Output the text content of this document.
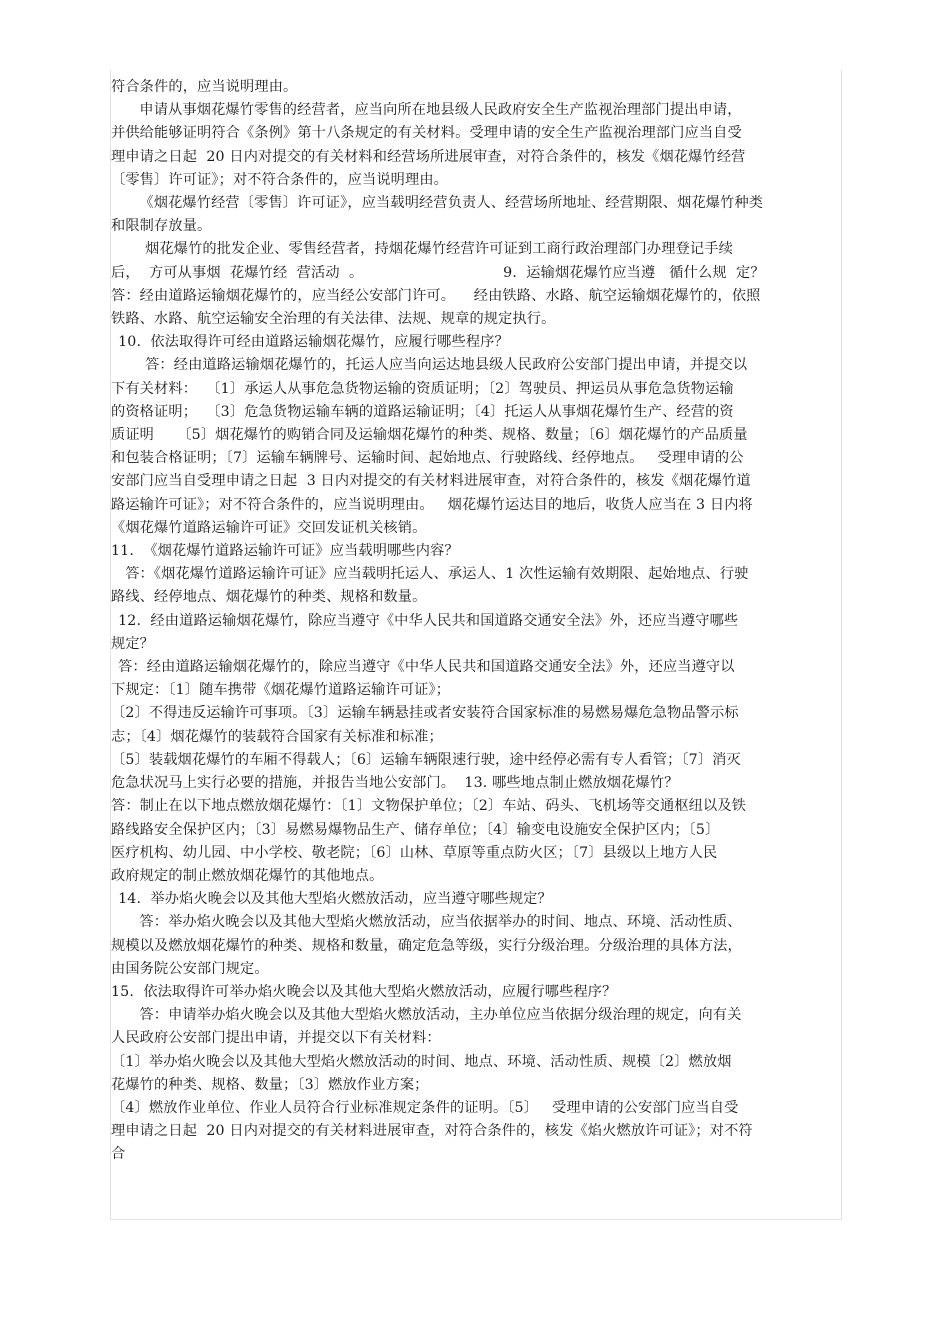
符合条件的，应当说明理由。

申请从事烟花爆竹零售的经营者，应当向所在地县级人民政府安全生产监视治理部门提出申请，

并供给能够证明符合《条例》第十八条规定的有关材料。受理申请的安全生产监视治理部门应当自受

理申请之日起  20 日内对提交的有关材料和经营场所进展审查，对符合条件的，核发《烟花爆竹经营

〔零售〕许可证》；对不符合条件的，应当说明理由。

《烟花爆竹经营〔零售〕许可证》，应当载明经营负责人、经营场所地址、经营期限、烟花爆竹种类

和限制存放量。

烟花爆竹的批发企业、零售经营者，持烟花爆竹经营许可证到工商行政治理部门办理登记手续

后，  方可从事烟  花爆竹经  营活动  。                              9.  运输烟花爆竹应当遵   循什么规  定？

答：经由道路运输烟花爆竹的，应当经公安部门许可。    经由铁路、水路、航空运输烟花爆竹的，依照

铁路、水路、航空运输安全治理的有关法律、法规、规章的规定执行。

10.  依法取得许可经由道路运输烟花爆竹，应履行哪些程序？

答：经由道路运输烟花爆竹的，托运人应当向运达地县级人民政府公安部门提出申请，并提交以

下有关材料：  〔1〕承运人从事危急货物运输的资质证明；〔2〕驾驶员、押运员从事危急货物运输

的资格证明；  〔3〕危急货物运输车辆的道路运输证明；〔4〕托运人从事烟花爆竹生产、经营的资

质证明     〔5〕烟花爆竹的购销合同及运输烟花爆竹的种类、规格、数量；〔6〕烟花爆竹的产品质量

和包装合格证明；〔7〕运输车辆牌号、运输时间、起始地点、行驶路线、经停地点。   受理申请的公

安部门应当自受理申请之日起  3 日内对提交的有关材料进展审查，对符合条件的，核发《烟花爆竹道

路运输许可证》；对不符合条件的，应当说明理由。   烟花爆竹运达目的地后，收货人应当在 3 日内将

《烟花爆竹道路运输许可证》交回发证机关核销。

11.  《烟花爆竹道路运输许可证》应当载明哪些内容？

答：《烟花爆竹道路运输许可证》应当载明托运人、承运人、1 次性运输有效期限、起始地点、行驶

路线、经停地点、烟花爆竹的种类、规格和数量。

12.  经由道路运输烟花爆竹，除应当遵守《中华人民共和国道路交通安全法》外，还应当遵守哪些

规定？

答：经由道路运输烟花爆竹的，除应当遵守《中华人民共和国道路交通安全法》外，还应当遵守以

下规定：〔1〕随车携带《烟花爆竹道路运输许可证》；

〔2〕不得违反运输许可事项。〔3〕运输车辆悬挂或者安装符合国家标准的易燃易爆危急物品警示标

志；〔4〕烟花爆竹的装载符合国家有关标准和标准；

〔5〕装载烟花爆竹的车厢不得载人；〔6〕运输车辆限速行驶，途中经停必需有专人看管；〔7〕消灭

危急状况马上实行必要的措施，并报告当地公安部门。  13. 哪些地点制止燃放烟花爆竹？

答：制止在以下地点燃放烟花爆竹：〔1〕文物保护单位；〔2〕车站、码头、飞机场等交通枢纽以及铁

路线路安全保护区内；〔3〕易燃易爆物品生产、储存单位；〔4〕输变电设施安全保护区内；〔5〕

医疗机构、幼儿园、中小学校、敬老院；〔6〕山林、草原等重点防火区；〔7〕县级以上地方人民

政府规定的制止燃放烟花爆竹的其他地点。

14.  举办焰火晚会以及其他大型焰火燃放活动，应当遵守哪些规定？

答：举办焰火晚会以及其他大型焰火燃放活动，应当依据举办的时间、地点、环境、活动性质、

规模以及燃放烟花爆竹的种类、规格和数量，确定危急等级，实行分级治理。分级治理的具体方法，

由国务院公安部门规定。

15.  依法取得许可举办焰火晚会以及其他大型焰火燃放活动，应履行哪些程序？

答：申请举办焰火晚会以及其他大型焰火燃放活动，主办单位应当依据分级治理的规定，向有关

人民政府公安部门提出申请，并提交以下有关材料：

〔1〕举办焰火晚会以及其他大型焰火燃放活动的时间、地点、环境、活动性质、规模〔2〕燃放烟

花爆竹的种类、规格、数量；〔3〕燃放作业方案；

〔4〕燃放作业单位、作业人员符合行业标准规定条件的证明。〔5〕   受理申请的公安部门应当自受

理申请之日起  20 日内对提交的有关材料进展审查，对符合条件的，核发《焰火燃放许可证》；对不符

合
